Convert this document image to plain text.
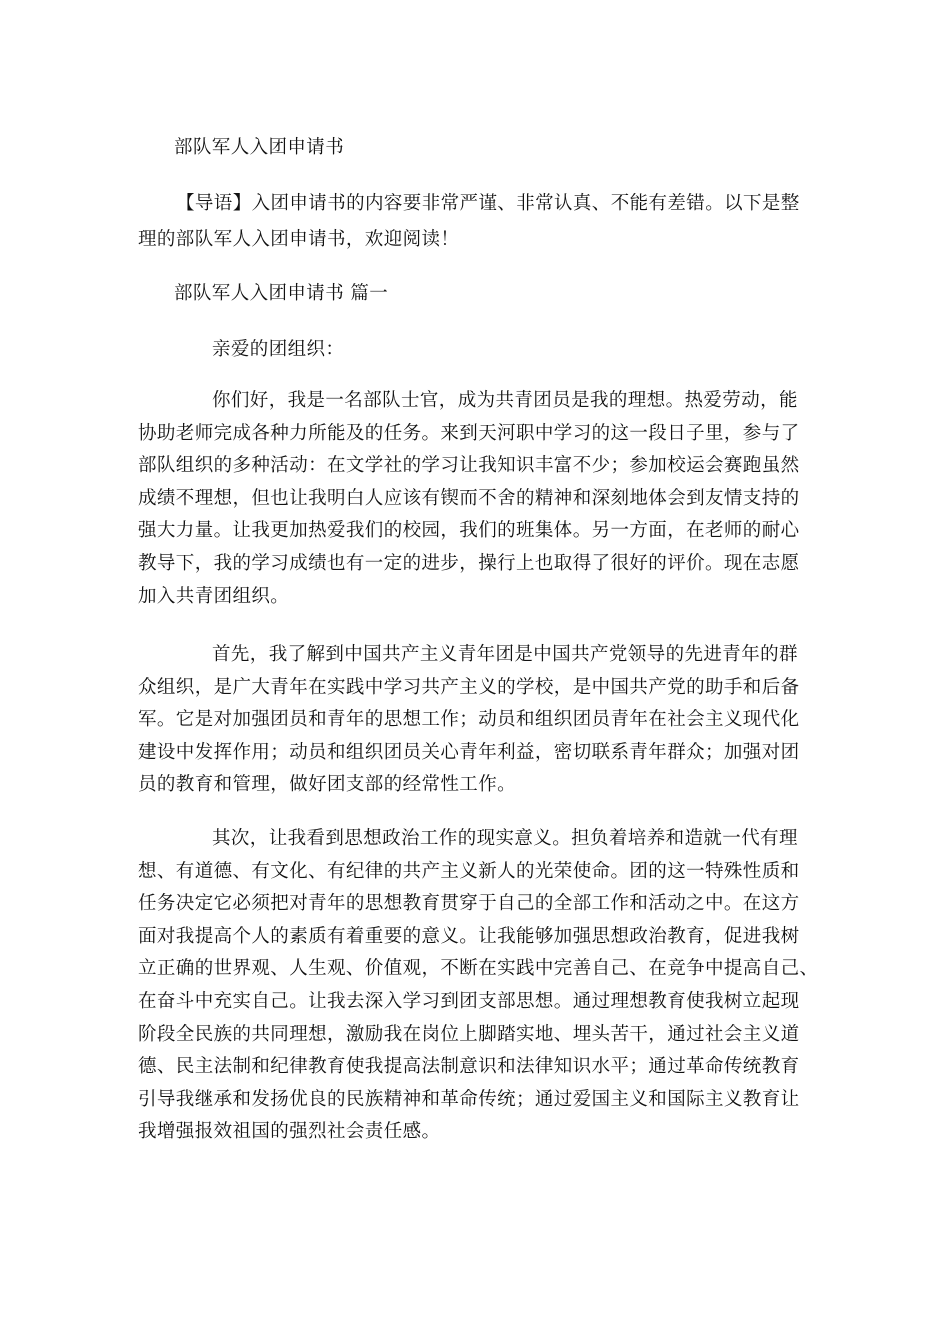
部队军人入团申请书
【导语】入团申请书的内容要非常严谨、非常认真、不能有差错。以下是整
理的部队军人入团申请书，欢迎阅读！
部队军人入团申请书 篇一
亲爱的团组织：
你们好，我是一名部队士官，成为共青团员是我的理想。热爱劳动，能
协助老师完成各种力所能及的任务。来到天河职中学习的这一段日子里，参与了
部队组织的多种活动：在文学社的学习让我知识丰富不少；参加校运会赛跑虽然
成绩不理想，但也让我明白人应该有锲而不舍的精神和深刻地体会到友情支持的
强大力量。让我更加热爱我们的校园，我们的班集体。另一方面，在老师的耐心
教导下，我的学习成绩也有一定的进步，操行上也取得了很好的评价。现在志愿
加入共青团组织。
首先，我了解到中国共产主义青年团是中国共产党领导的先进青年的群
众组织，是广大青年在实践中学习共产主义的学校，是中国共产党的助手和后备
军。它是对加强团员和青年的思想工作；动员和组织团员青年在社会主义现代化
建设中发挥作用；动员和组织团员关心青年利益，密切联系青年群众；加强对团
员的教育和管理，做好团支部的经常性工作。
其次，让我看到思想政治工作的现实意义。担负着培养和造就一代有理
想、有道德、有文化、有纪律的共产主义新人的光荣使命。团的这一特殊性质和
任务决定它必须把对青年的思想教育贯穿于自己的全部工作和活动之中。在这方
面对我提高个人的素质有着重要的意义。让我能够加强思想政治教育，促进我树
立正确的世界观、人生观、价值观，不断在实践中完善自己、在竞争中提高自己、
在奋斗中充实自己。让我去深入学习到团支部思想。通过理想教育使我树立起现
阶段全民族的共同理想，激励我在岗位上脚踏实地、埋头苦干，通过社会主义道
德、民主法制和纪律教育使我提高法制意识和法律知识水平；通过革命传统教育
引导我继承和发扬优良的民族精神和革命传统；通过爱国主义和国际主义教育让
我增强报效祖国的强烈社会责任感。
